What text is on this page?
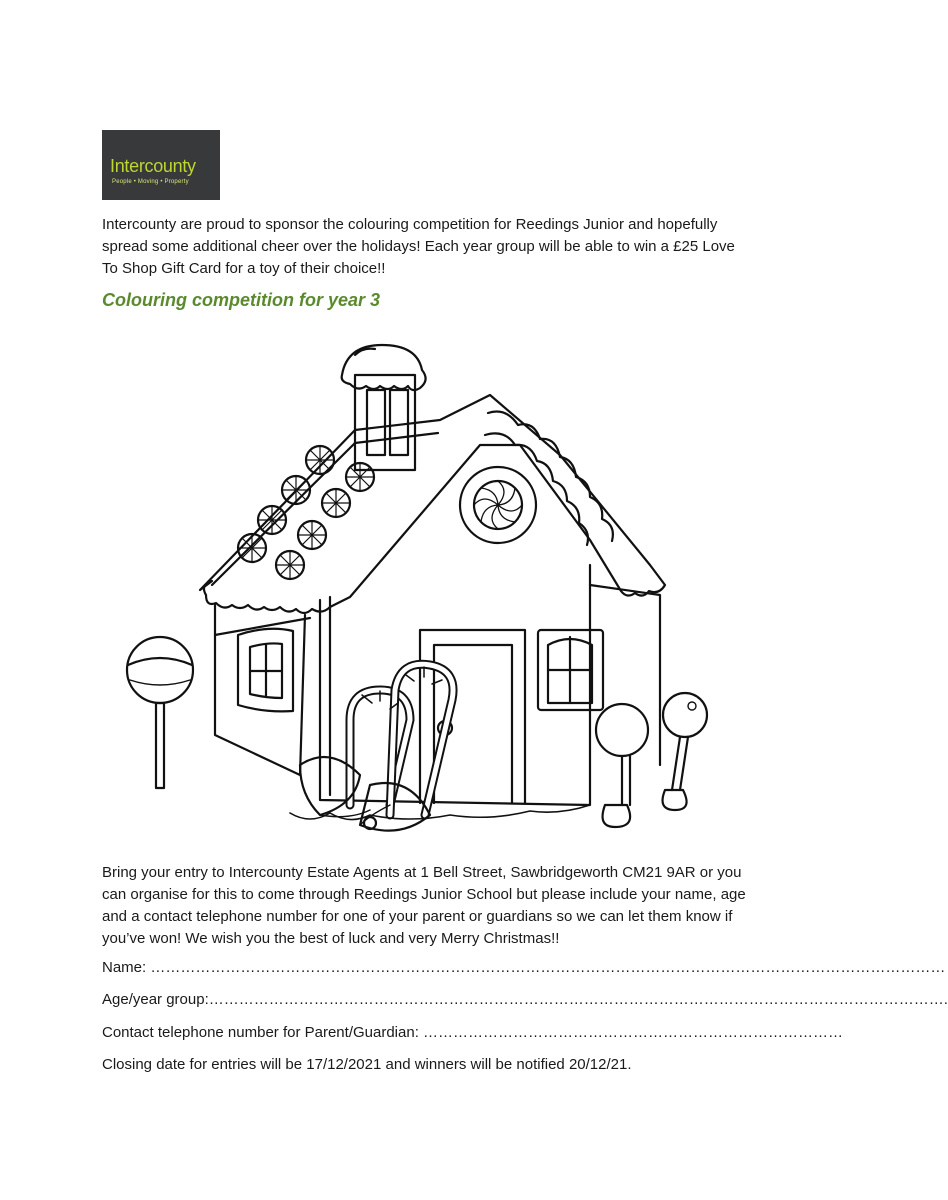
Intercounty
People • Moving • Property

Intercounty are proud to sponsor the colouring competition for Reedings Junior and hopefully spread some additional cheer over the holidays! Each year group will be able to win a £25 Love To Shop Gift Card for a toy of their choice!!

Colouring competition for year 3

Bring your entry to Intercounty Estate Agents at 1 Bell Street, Sawbridgeworth CM21 9AR or you can organise for this to come through Reedings Junior School but please include your name, age and a contact telephone number for one of your parent or guardians so we can let them know if you’ve won! We wish you the best of luck and very Merry Christmas!!

Name: ……………………………………………………………………………………………………………………………………………

Age/year group:………………………………………………………………………………………………………………………………….

Contact telephone number for Parent/Guardian: …………………………………………………………………………

Closing date for entries will be 17/12/2021 and winners will be notified 20/12/21.
